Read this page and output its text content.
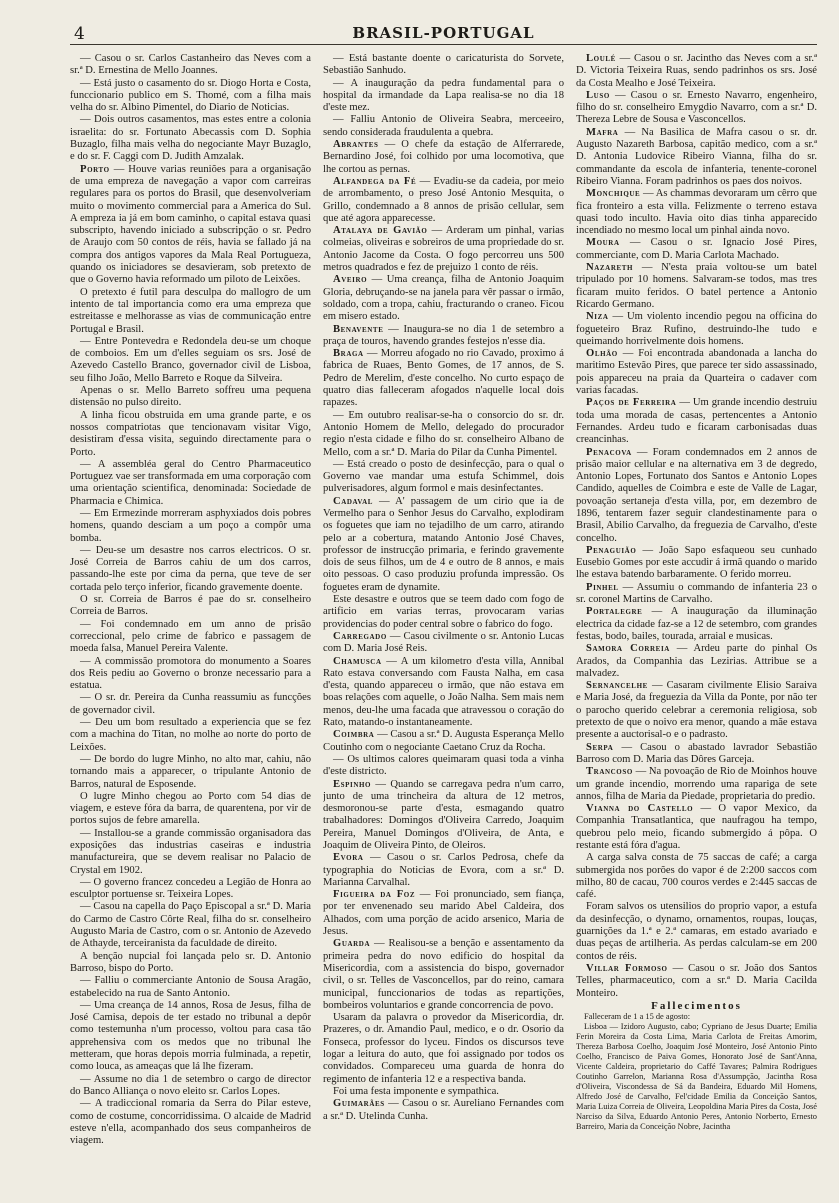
4	BRASIL-PORTUGAL

— Casou o sr. Carlos Castanheiro das Neves com a sr.ª D. Ernestina de Mello Joannes.

— Está justo o casamento do sr. Diogo Horta e Costa, funccionario publico em S. Thomé, com a filha mais velha do sr. Albino Pimentel, do Diario de Noticias.

— Dois outros casamentos, mas estes entre a colonia israelita: do sr. Fortunato Abecassis com D. Sophia Buzaglo, filha mais velha do negociante Mayr Buzaglo, e do sr. F. Caggi com D. Judith Amzalak.

Porto — Houve varias reuniões para a organisação de uma empreza de navegação a vapor com carreiras regulares para os portos do Brasil, que desenvolveriam muito o movimento commercial para a America do Sul. A empreza ia já em bom caminho, o capital estava quasi subscripto, havendo iniciado a subscripção o sr. Pedro de Araujo com 50 contos de réis, havia se fallado já na compra dos antigos vapores da Mala Real Portugueza, quando os iniciadores se desavieram, sob pretexto de que o Governo havia reformado um piloto de Leixões.

O pretexto é futil para desculpa do mallogro de um intento de tal importancia como era uma empreza que estreitasse e melhorasse as vias de communicação entre Portugal e Brasil.

— Entre Pontevedra e Redondela deu-se um choque de comboios. Em um d'elles seguiam os srs. José de Azevedo Castello Branco, governador civil de Lisboa, seu filho João, Mello Barreto e Roque da Silveira.

Apenas o sr. Mello Barreto soffreu uma pequena distensão no pulso direito.

A linha ficou obstruida em uma grande parte, e os nossos compatriotas que tencionavam visitar Vigo, desistiram d'essa visita, seguindo directamente para o Porto.

— A assembléa geral do Centro Pharmaceutico Portuguez vae ser transformada em uma corporação com uma orientação scientifica, denominada: Sociedade de Pharmacia e Chimica.

— Em Ermezinde morreram asphyxiados dois pobres homens, quando desciam a um poço a compôr uma bomba.

— Deu-se um desastre nos carros electricos. O sr. José Correia de Barros cahiu de um dos carros, passando-lhe este por cima da perna, que teve de ser cortada pelo terço inferior, ficando gravemente doente.

O sr. Correia de Barros é pae do sr. conselheiro Correia de Barros.

— Foi condemnado em um anno de prisão correccional, pelo crime de fabrico e passagem de moeda falsa, Manuel Pereira Valente.

— A commissão promotora do monumento a Soares dos Reis pediu ao Governo o bronze necessario para a estatua.

— O sr. dr. Pereira da Cunha reassumiu as funcções de governador civil.

— Deu um bom resultado a experiencia que se fez com a machina do Titan, no molhe ao norte do porto de Leixões.

— De bordo do lugre Minho, no alto mar, cahiu, não tornando mais a apparecer, o tripulante Antonio de Barros, natural de Esposende.

O lugre Minho chegou ao Porto com 54 dias de viagem, e esteve fóra da barra, de quarentena, por vir de portos sujos de febre amarella.

— Installou-se a grande commissão organisadora das exposições das industrias caseiras e industria manufactureira, que se devem realisar no Palacio de Crystal em 1902.

— O governo francez concedeu a Legião de Honra ao esculptor portuense sr. Teixeira Lopes.

— Casou na capella do Paço Episcopal a sr.ª D. Maria do Carmo de Castro Côrte Real, filha do sr. conselheiro Augusto Maria de Castro, com o sr. Antonio de Azevedo de Athayde, terceiranista da faculdade de direito.

A benção nupcial foi lançada pelo sr. D. Antonio Barroso, bispo do Porto.

— Falliu o commerciante Antonio de Sousa Aragão, estabelecido na rua de Santo Antonio.

— Uma creança de 14 annos, Rosa de Jesus, filha de José Camisa, depois de ter estado no tribunal a depôr como testemunha n'um processo, voltou para casa tão apprehensiva com os medos que no tribunal lhe metteram, que horas depois morria fulminada, a repetir, como louca, as ameaças que lá lhe fizeram.

— Assume no dia 1 de setembro o cargo de director do Banco Alliança o novo eleito sr. Carlos Lopes.

— A tradiccional romaria da Serra do Pilar esteve, como de costume, concorridissima. O alcaide de Madrid esteve n'ella, acompanhado dos seus companheiros de viagem.

— Está bastante doente o caricaturista do Sorvete, Sebastião Sanhudo.

— A inauguração da pedra fundamental para o hospital da irmandade da Lapa realisa-se no dia 18 d'este mez.

— Falliu Antonio de Oliveira Seabra, merceeiro, sendo considerada fraudulenta a quebra.

Abrantes — O chefe da estação de Alferrarede, Bernardino José, foi colhido por uma locomotiva, que lhe cortou as pernas.

Alfandega da Fé — Evadiu-se da cadeia, por meio de arrombamento, o preso José Antonio Mesquita, o Grillo, condemnado a 8 annos de prisão cellular, sem que até agora apparecesse.

Atalaya de Gavião — Arderam um pinhal, varias colmeias, oliveiras e sobreiros de uma propriedade do sr. Antonio Jacome da Costa. O fogo percorreu uns 500 metros quadrados e fez de prejuizo 1 conto de réis.

Aveiro — Uma creança, filha de Antonio Joaquim Gloria, debruçando-se na janela para vêr passar o irmão, soldado, com a tropa, cahiu, fracturando o craneo. Ficou em misero estado.

Benavente — Inaugura-se no dia 1 de setembro a praça de touros, havendo grandes festejos n'esse dia.

Braga — Morreu afogado no rio Cavado, proximo á fabrica de Ruaes, Bento Gomes, de 17 annos, de S. Pedro de Merelim, d'este concelho. No curto espaço de quatro dias falleceram afogados n'aquelle local dois rapazes.

— Em outubro realisar-se-ha o consorcio do sr. dr. Antonio Homem de Mello, delegado do procurador regio n'esta cidade e filho do sr. conselheiro Albano de Mello, com a sr.ª D. Maria do Pilar da Cunha Pimentel.

— Está creado o posto de desinfecção, para o qual o Governo vae mandar uma estufa Schimmel, dois pulverisadores, algum formol e mais desinfectantes.

Cadaval — A' passagem de um cirio que ia de Vermelho para o Senhor Jesus do Carvalho, explodiram os foguetes que iam no tejadilho de um carro, atirando pelo ar a cobertura, matando Antonio José Chaves, professor de instrucção primaria, e ferindo gravemente dois de seus filhos, um de 4 e outro de 8 annos, e mais oito pessoas. O caso produziu profunda impressão. Os foguetes eram de dynamite.

Este desastre e outros que se teem dado com fogo de artificio em varias terras, provocaram varias providencias do poder central sobre o fabrico do fogo.

Carregado — Casou civilmente o sr. Antonio Lucas com D. Maria José Reis.

Chamusca — A um kilometro d'esta villa, Annibal Rato estava conversando com Fausta Nalha, em casa d'esta, quando appareceu o irmão, que não estava em boas relações com aquelle, o João Nalha. Sem mais nem menos, deu-lhe uma facada que atravessou o coração do Rato, matando-o instantaneamente.

Coimbra — Casou a sr.ª D. Augusta Esperança Mello Coutinho com o negociante Caetano Cruz da Rocha.

— Os ultimos calores queimaram quasi toda a vinha d'este districto.

Espinho — Quando se carregava pedra n'um carro, junto de uma trincheira da altura de 12 metros, desmoronou-se parte d'esta, esmagando quatro trabalhadores: Domingos d'Oliveira Carredo, Joaquim Pereira, Manuel Domingos d'Oliveira, de Anta, e Joaquim de Oliveira Pinto, de Oleiros.

Evora — Casou o sr. Carlos Pedrosa, chefe da typographia do Noticias de Evora, com a sr.ª D. Marianna Carvalhal.

Figueira da Foz — Foi pronunciado, sem fiança, por ter envenenado seu marido Abel Caldeira, dos Alhados, com uma porção de acido arsenico, Maria de Jesus.

Guarda — Realisou-se a benção e assentamento da primeira pedra do novo edificio do hospital da Misericordia, com a assistencia do bispo, governador civil, o sr. Telles de Vasconcellos, par do reino, camara municipal, funccionarios de todas as repartições, bombeiros voluntarios e grande concorrencia de povo.

Usaram da palavra o provedor da Misericordia, dr. Prazeres, o dr. Amandio Paul, medico, e o dr. Osorio da Fonseca, professor do lyceu. Findos os discursos teve logar a leitura do auto, que foi assignado por todos os convidados. Compareceu uma guarda de honra do regimento de infanteria 12 e a respectiva banda.

Foi uma festa imponente e sympathica.

Guimarães — Casou o sr. Aureliano Fernandes com a sr.ª D. Utelinda Cunha.

Loulé — Casou o sr. Jacintho das Neves com a sr.ª D. Victoria Teixeira Ruas, sendo padrinhos os srs. José da Costa Mealho e José Teixeira.

Luso — Casou o sr. Ernesto Navarro, engenheiro, filho do sr. conselheiro Emygdio Navarro, com a sr.ª D. Thereza Lebre de Sousa e Vasconcellos.

Mafra — Na Basilica de Mafra casou o sr. dr. Augusto Nazareth Barbosa, capitão medico, com a sr.ª D. Antonia Ludovice Ribeiro Vianna, filha do sr. commandante da escola de infanteria, tenente-coronel Ribeiro Vianna. Foram padrinhos os paes dos noivos.

Monchique — As chammas devoraram um cêrro que fica fronteiro a esta villa. Felizmente o terreno estava quasi todo inculto. Havia oito dias tinha apparecido incendiado no mesmo local um pinhal ainda novo.

Moura — Casou o sr. Ignacio José Pires, commerciante, com D. Maria Carlota Machado.

Nazareth — N'esta praia voltou-se um batel tripulado por 10 homens. Salvaram-se todos, mas tres ficaram muito feridos. O batel pertence a Antonio Ricardo Germano.

Niza — Um violento incendio pegou na officina do fogueteiro Braz Rufino, destruindo-lhe tudo e queimando horrivelmente dois homens.

Olhão — Foi encontrada abandonada a lancha do maritimo Estevão Pires, que parece ter sido assassinado, pois appareceu na praia da Quarteira o cadaver com varias facadas.

Paços de Ferreira — Um grande incendio destruiu toda uma morada de casas, pertencentes a Antonio Fernandes. Ardeu tudo e ficaram carbonisadas duas creancinhas.

Penacova — Foram condemnados em 2 annos de prisão maior cellular e na alternativa em 3 de degredo, Antonio Lopes, Fortunato dos Santos e Antonio Lopes Candido, aquelles de Coimbra e este de Valle de Lagar, povoação sertaneja d'esta villa, por, em dezembro de 1896, tentarem fazer seguir clandestinamente para o Brasil, Abilio Carvalho, da freguezia de Carvalho, d'este concelho.

Penaguião — João Sapo esfaqueou seu cunhado Eusebio Gomes por este accudir á irmã quando o marido lhe estava batendo barbaramente. O ferido morreu.

Pinhel — Assumiu o commando de infanteria 23 o sr. coronel Martins de Carvalho.

Portalegre — A inauguração da illuminação electrica da cidade faz-se a 12 de setembro, com grandes festas, bodo, bailes, tourada, arraial e musicas.

Samora Correia — Ardeu parte do pinhal Os Arados, da Companhia das Lezirias. Attribue se a malvadez.

Sernancelhe — Casaram civilmente Elisio Saraiva e Maria José, da freguezia da Villa da Ponte, por não ter o parocho querido celebrar a ceremonia religiosa, sob pretexto de que o noivo era menor, quando a mãe estava presente a auctorisal-o e o padrasto.

Serpa — Casou o abastado lavrador Sebastião Barroso com D. Maria das Dôres Garceja.

Trancoso — Na povoação de Rio de Moinhos houve um grande incendio, morrendo uma rapariga de sete annos, filha de Maria da Piedade, proprietaria do predio.

Vianna do Castello — O vapor Mexico, da Companhia Transatlantica, que naufragou ha tempo, quebrou pelo meio, ficando submergido á pôpa. O restante está fóra d'agua.

A carga salva consta de 75 saccas de café; a carga submergida nos porões do vapor é de 2:200 saccos com milho, 80 de cacau, 700 couros verdes e 2:445 saccas de café.

Foram salvos os utensilios do proprio vapor, a estufa da desinfecção, o dynamo, ornamentos, roupas, louças, guarnições da 1.ª e 2.ª camaras, em estado avariado e duas peças de artilheria. As perdas calculam-se em 200 contos de réis.

Villar Formoso — Casou o sr. João dos Santos Telles, pharmaceutico, com a sr.ª D. Maria Cacilda Monteiro.

Fallecimentos

Falleceram de 1 a 15 de agosto:

Lisboa — Izidoro Augusto, cabo; Cypriano de Jesus Duarte; Emilia Ferin Moreira da Costa Lima, Maria Carlota de Freitas Amorim, Thereza Barbosa Coelho, Joaquim José Monteiro, José Antonio Pinto Coelho, Francisco de Paiva Gomes, Honorato José de Sant'Anna, Vicente Caldeira, proprietario do Caffé Tavares; Palmira Rodrigues Coutinho Garrelon, Marianna Rosa d'Assumpção, Jacintha Rosa d'Oliveira, Viscondessa de Sá da Bandeira, Eduardo Mil Homens, Alfredo José de Carvalho, Fel'cidade Emilia da Conceição Santos, Maria Luiza Correia de Oliveira, Leopoldina Maria Pires da Costa, José Narciso da Silva, Eduardo Antonio Peres, Antonio Norberto, Ernesto Barreiro, Maria da Conceição Nobre, Jacintha
